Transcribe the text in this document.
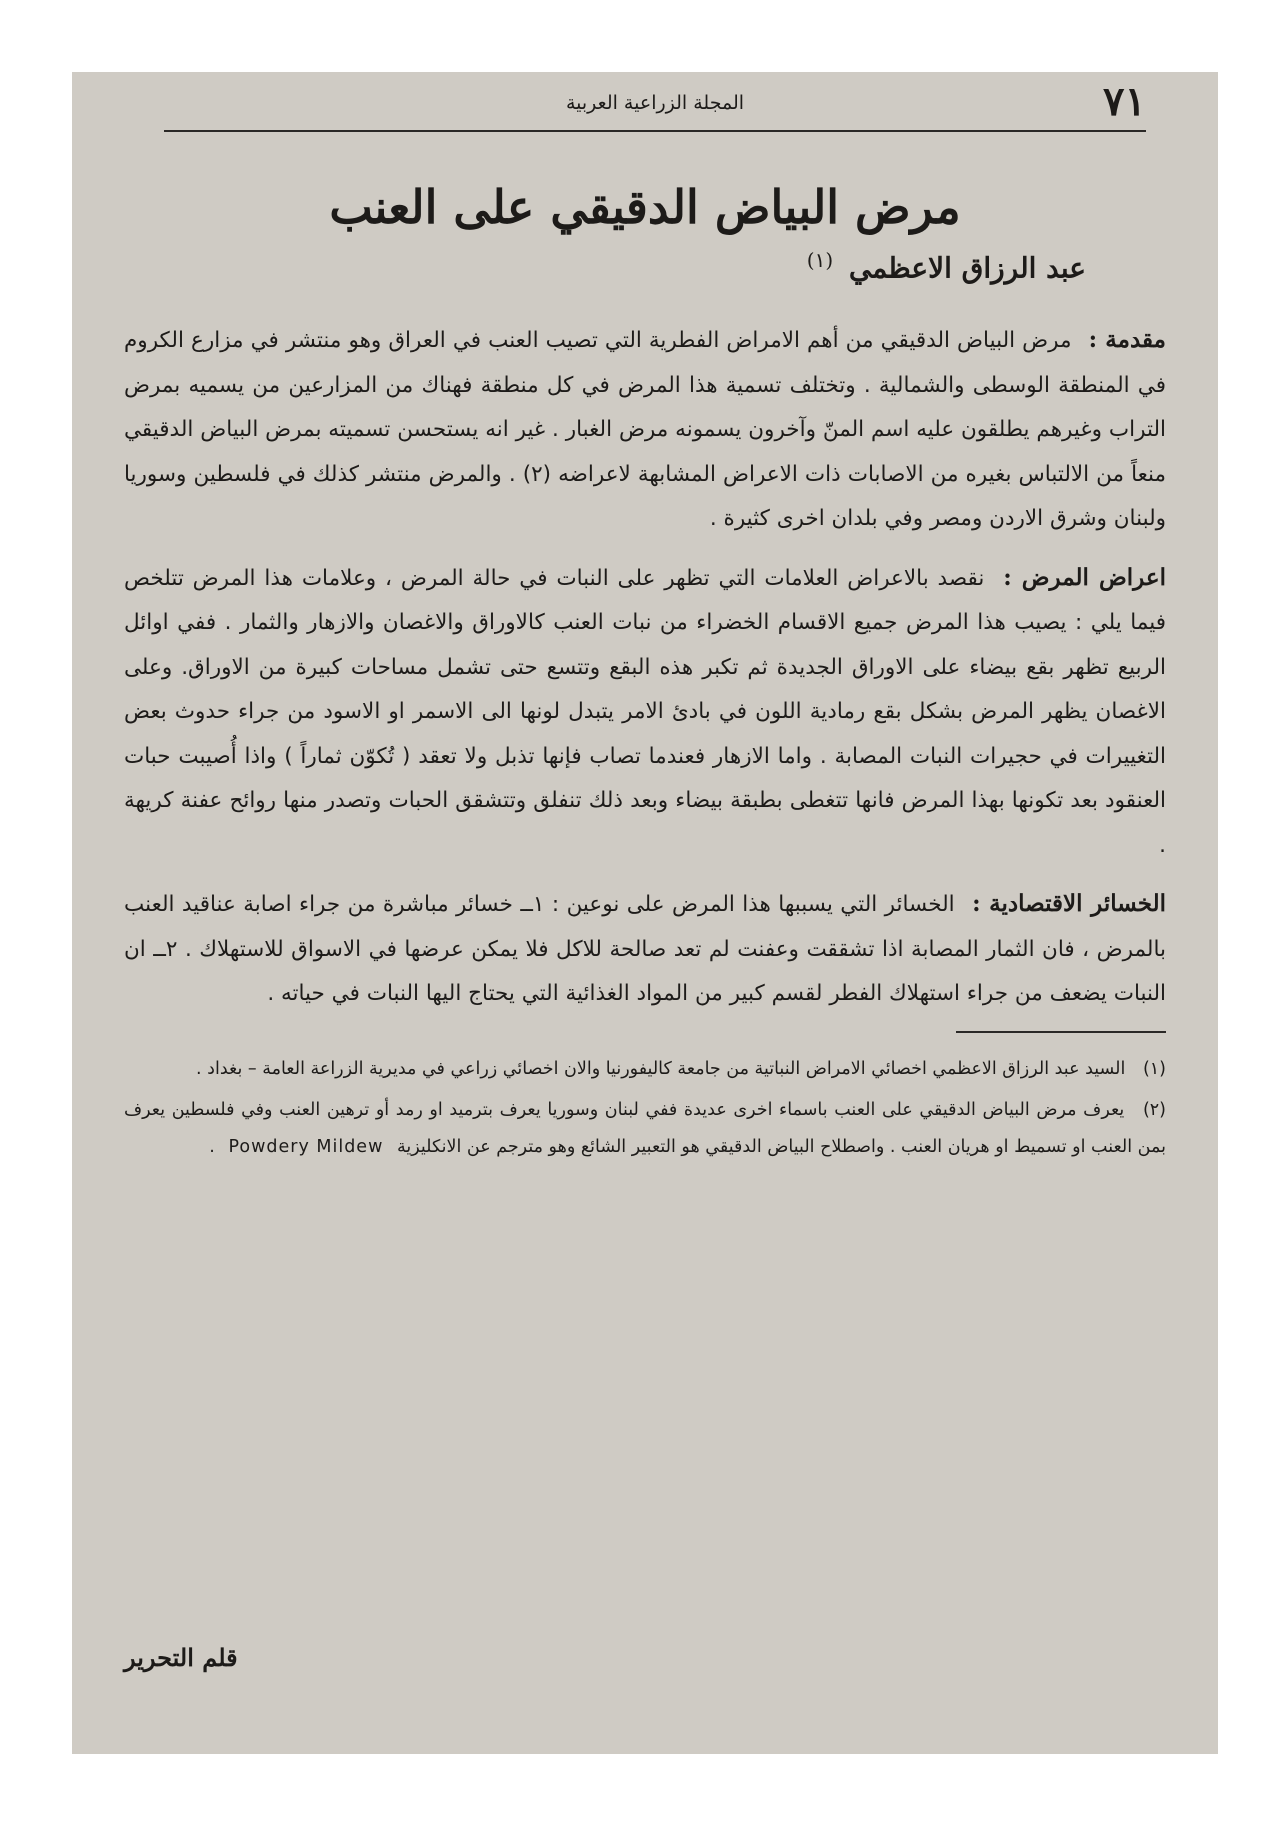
٧١
المجلة الزراعية العربية
مرض البياض الدقيقي على العنب
عبد الرزاق الاعظمي $^{(١)}$

مقدمة : مرض البياض الدقيقي من أهم الامراض الفطرية التي تصيب العنب في العراق وهو منتشر في مزارع الكروم في المنطقة الوسطى والشمالية . وتختلف تسمية هذا المرض في كل منطقة فهناك من المزارعين من يسميه بمرض التراب وغيرهم يطلقون عليه اسم المنّ وآخرون يسمونه مرض الغبار . غير انه يستحسن تسميته بمرض البياض الدقيقي منعاً من الالتباس بغيره من الاصابات ذات الاعراض المشابهة لاعراضه (٢) . والمرض منتشر كذلك في فلسطين وسوريا ولبنان وشرق الاردن ومصر وفي بلدان اخرى كثيرة .

اعراض المرض : نقصد بالاعراض العلامات التي تظهر على النبات في حالة المرض ، وعلامات هذا المرض تتلخص فيما يلي : يصيب هذا المرض جميع الاقسام الخضراء من نبات العنب كالاوراق والاغصان والازهار والثمار . ففي اوائل الربيع تظهر بقع بيضاء على الاوراق الجديدة ثم تكبر هذه البقع وتتسع حتى تشمل مساحات كبيرة من الاوراق. وعلى الاغصان يظهر المرض بشكل بقع رمادية اللون في بادئ الامر يتبدل لونها الى الاسمر او الاسود من جراء حدوث بعض التغييرات في حجيرات النبات المصابة . واما الازهار فعندما تصاب فإنها تذبل ولا تعقد ( تُكوّن ثماراً ) واذا أُصيبت حبات العنقود بعد تكونها بهذا المرض فانها تتغطى بطبقة بيضاء وبعد ذلك تنفلق وتتشقق الحبات وتصدر منها روائح عفنة كريهة .

الخسائر الاقتصادية : الخسائر التي يسببها هذا المرض على نوعين : ١ــ خسائر مباشرة من جراء اصابة عناقيد العنب بالمرض ، فان الثمار المصابة اذا تشققت وعفنت لم تعد صالحة للاكل فلا يمكن عرضها في الاسواق للاستهلاك . ٢ــ ان النبات يضعف من جراء استهلاك الفطر لقسم كبير من المواد الغذائية التي يحتاج اليها النبات في حياته .

(١) السيد عبد الرزاق الاعظمي اخصائي الامراض النباتية من جامعة كاليفورنيا والان اخصائي زراعي في مديرية الزراعة العامة – بغداد .

(٢) يعرف مرض البياض الدقيقي على العنب باسماء اخرى عديدة ففي لبنان وسوريا يعرف بترميد او رمد أو ترهين العنب وفي فلسطين يعرف بمن العنب او تسميط او هريان العنب . واصطلاح البياض الدقيقي هو التعبير الشائع وهو مترجم عن الانكليزية Powdery Mildew .

قلم التحرير
